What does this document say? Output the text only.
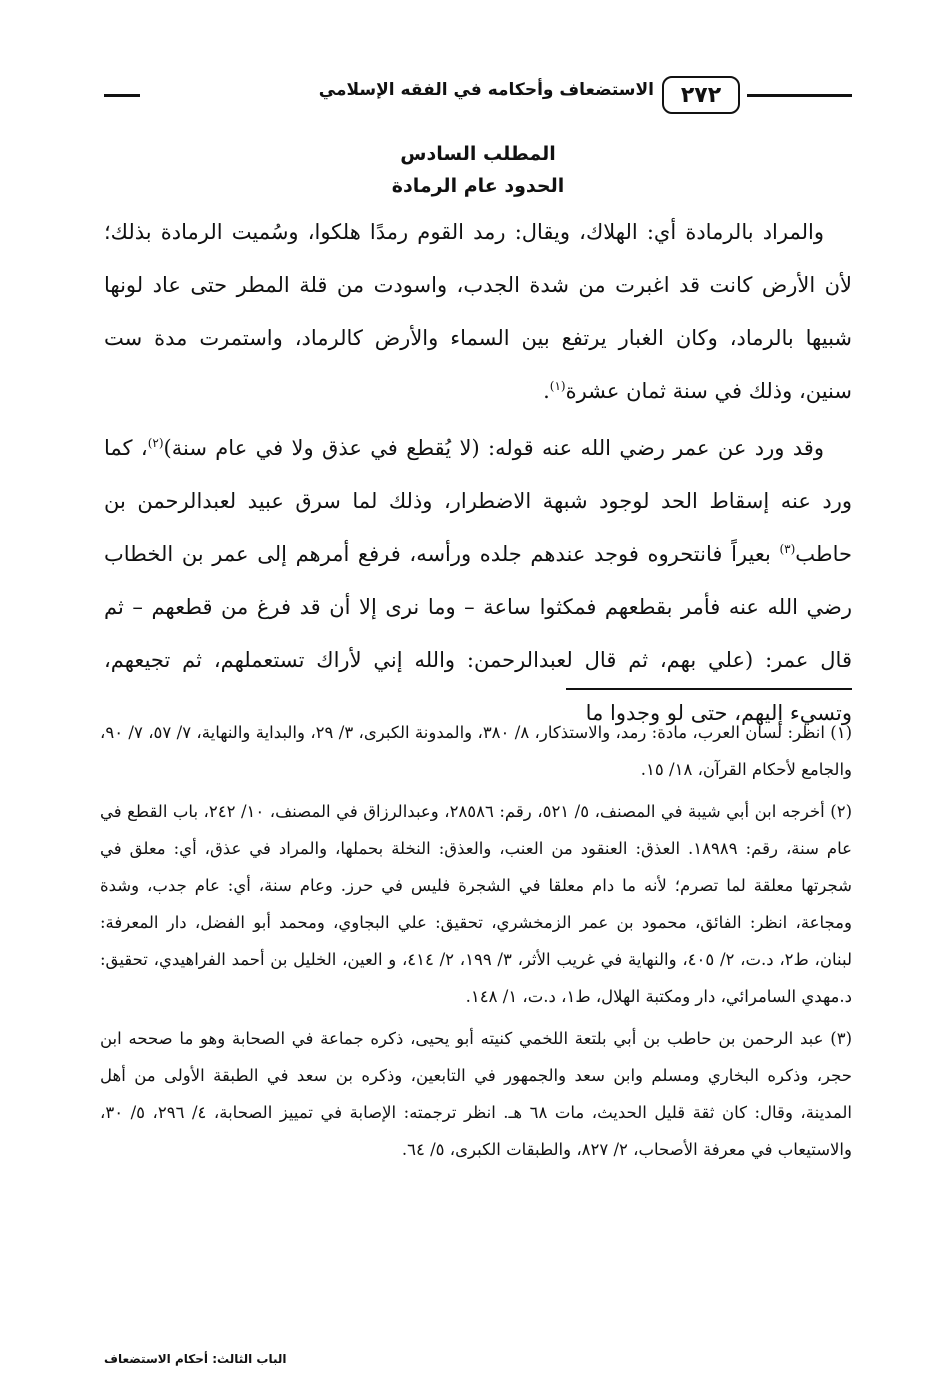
٢٧٢
الاستضعاف وأحكامه في الفقه الإسلامي
المطلب السادس
الحدود عام الرمادة

والمراد بالرمادة أي: الهلاك، ويقال: رمد القوم رمدًا هلكوا، وسُميت الرمادة بذلك؛ لأن الأرض كانت قد اغبرت من شدة الجدب، واسودت من قلة المطر حتى عاد لونها شبيها بالرماد، وكان الغبار يرتفع بين السماء والأرض كالرماد، واستمرت مدة ست سنين، وذلك في سنة ثمان عشرة$^{(١)}$.

وقد ورد عن عمر رضي الله عنه قوله: (لا يُقطع في عذق ولا في عام سنة)$^{(٢)}$، كما ورد عنه إسقاط الحد لوجود شبهة الاضطرار، وذلك لما سرق عبيد لعبدالرحمن بن حاطب$^{(٣)}$ بعيراً فانتحروه فوجد عندهم جلده ورأسه، فرفع أمرهم إلى عمر بن الخطاب رضي الله عنه فأمر بقطعهم فمكثوا ساعة – وما نرى إلا أن قد فرغ من قطعهم – ثم قال عمر: (علي بهم، ثم قال لعبدالرحمن: والله إني لأراك تستعملهم، ثم تجيعهم، وتسيء إليهم، حتى لو وجدوا ما

(١) انظر: لسان العرب، مادة: رمد، والاستذكار، ٨/ ٣٨٠، والمدونة الكبرى، ٣/ ٢٩، والبداية والنهاية، ٧/ ٥٧، ٧/ ٩٠، والجامع لأحكام القرآن، ١٨/ ١٥.

(٢) أخرجه ابن أبي شيبة في المصنف، ٥/ ٥٢١، رقم: ٢٨٥٨٦، وعبدالرزاق في المصنف، ١٠/ ٢٤٢، باب القطع في عام سنة، رقم: ١٨٩٨٩. العذق: العنقود من العنب، والعذق: النخلة بحملها، والمراد في عذق، أي: معلق في شجرتها معلقة لما تصرم؛ لأنه ما دام معلقا في الشجرة فليس في حرز. وعام سنة، أي: عام جدب، وشدة ومجاعة، انظر: الفائق، محمود بن عمر الزمخشري، تحقيق: علي البجاوي، ومحمد أبو الفضل، دار المعرفة: لبنان، ط٢، د.ت، ٢/ ٤٠٥، والنهاية في غريب الأثر، ٣/ ١٩٩، ٢/ ٤١٤، و العين، الخليل بن أحمد الفراهيدي، تحقيق: د.مهدي السامرائي، دار ومكتبة الهلال، ط١، د.ت، ١/ ١٤٨.

(٣) عبد الرحمن بن حاطب بن أبي بلتعة اللخمي كنيته أبو يحيى، ذكره جماعة في الصحابة وهو ما صححه ابن حجر، وذكره البخاري ومسلم وابن سعد والجمهور في التابعين، وذكره بن سعد في الطبقة الأولى من أهل المدينة، وقال: كان ثقة قليل الحديث، مات ٦٨ هـ. انظر ترجمته: الإصابة في تمييز الصحابة، ٤/ ٢٩٦، ٥/ ٣٠، والاستيعاب في معرفة الأصحاب، ٢/ ٨٢٧، والطبقات الكبرى، ٥/ ٦٤.

الباب الثالث: أحكام الاستضعاف
